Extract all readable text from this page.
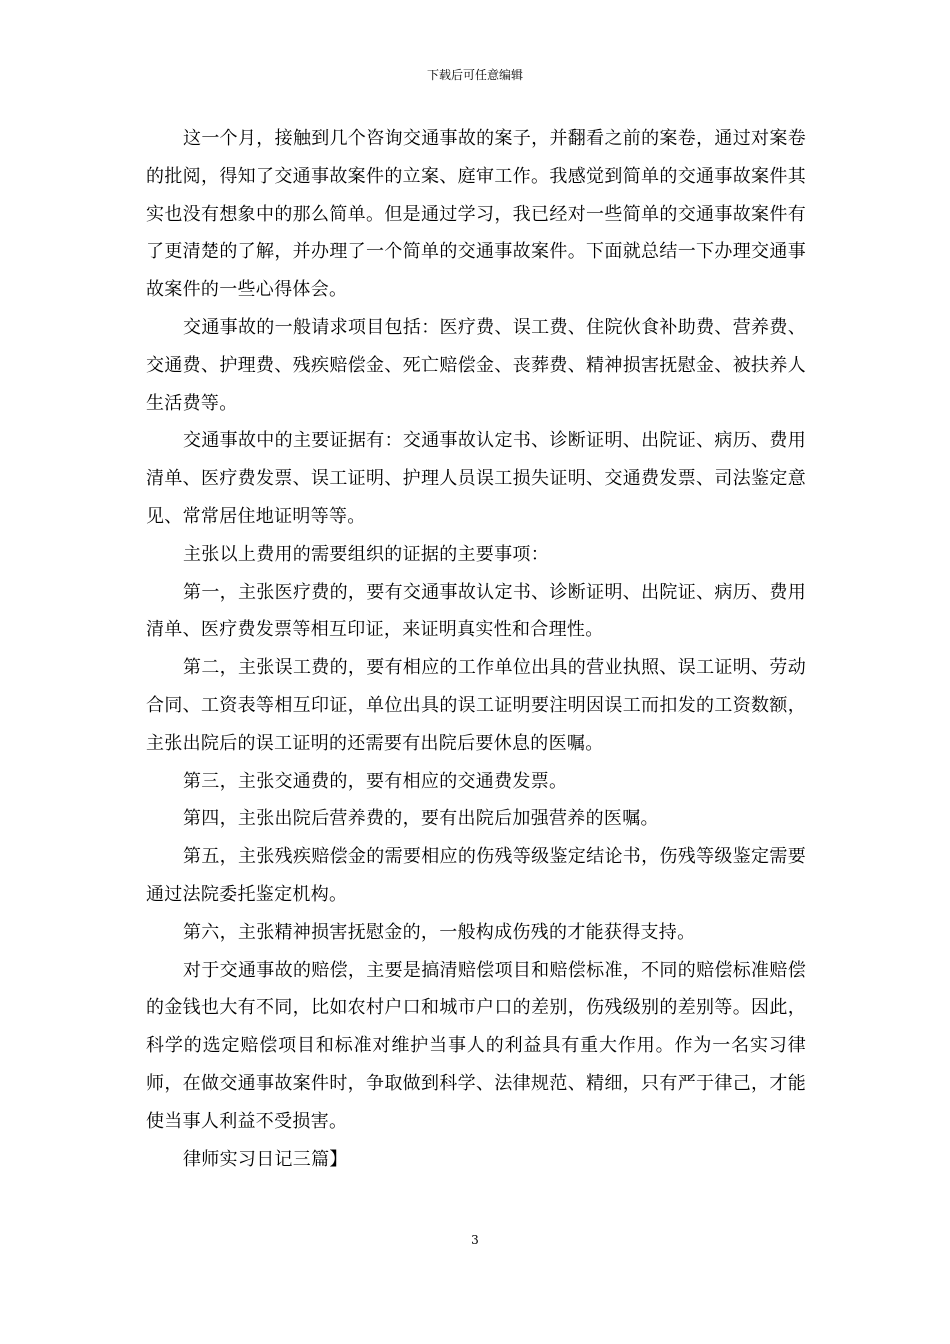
下载后可任意编辑

这一个月，接触到几个咨询交通事故的案子，并翻看之前的案卷，通过对案卷的批阅，得知了交通事故案件的立案、庭审工作。我感觉到简单的交通事故案件其实也没有想象中的那么简单。但是通过学习，我已经对一些简单的交通事故案件有了更清楚的了解，并办理了一个简单的交通事故案件。下面就总结一下办理交通事故案件的一些心得体会。

交通事故的一般请求项目包括：医疗费、误工费、住院伙食补助费、营养费、交通费、护理费、残疾赔偿金、死亡赔偿金、丧葬费、精神损害抚慰金、被扶养人生活费等。

交通事故中的主要证据有：交通事故认定书、诊断证明、出院证、病历、费用清单、医疗费发票、误工证明、护理人员误工损失证明、交通费发票、司法鉴定意见、常常居住地证明等等。

主张以上费用的需要组织的证据的主要事项：

第一，主张医疗费的，要有交通事故认定书、诊断证明、出院证、病历、费用清单、医疗费发票等相互印证，来证明真实性和合理性。

第二，主张误工费的，要有相应的工作单位出具的营业执照、误工证明、劳动合同、工资表等相互印证，单位出具的误工证明要注明因误工而扣发的工资数额，主张出院后的误工证明的还需要有出院后要休息的医嘱。

第三，主张交通费的，要有相应的交通费发票。

第四，主张出院后营养费的，要有出院后加强营养的医嘱。

第五，主张残疾赔偿金的需要相应的伤残等级鉴定结论书，伤残等级鉴定需要通过法院委托鉴定机构。

第六，主张精神损害抚慰金的，一般构成伤残的才能获得支持。

对于交通事故的赔偿，主要是搞清赔偿项目和赔偿标准，不同的赔偿标准赔偿的金钱也大有不同，比如农村户口和城市户口的差别，伤残级别的差别等。因此，科学的选定赔偿项目和标准对维护当事人的利益具有重大作用。作为一名实习律师，在做交通事故案件时，争取做到科学、法律规范、精细，只有严于律己，才能使当事人利益不受损害。

律师实习日记三篇】

3
